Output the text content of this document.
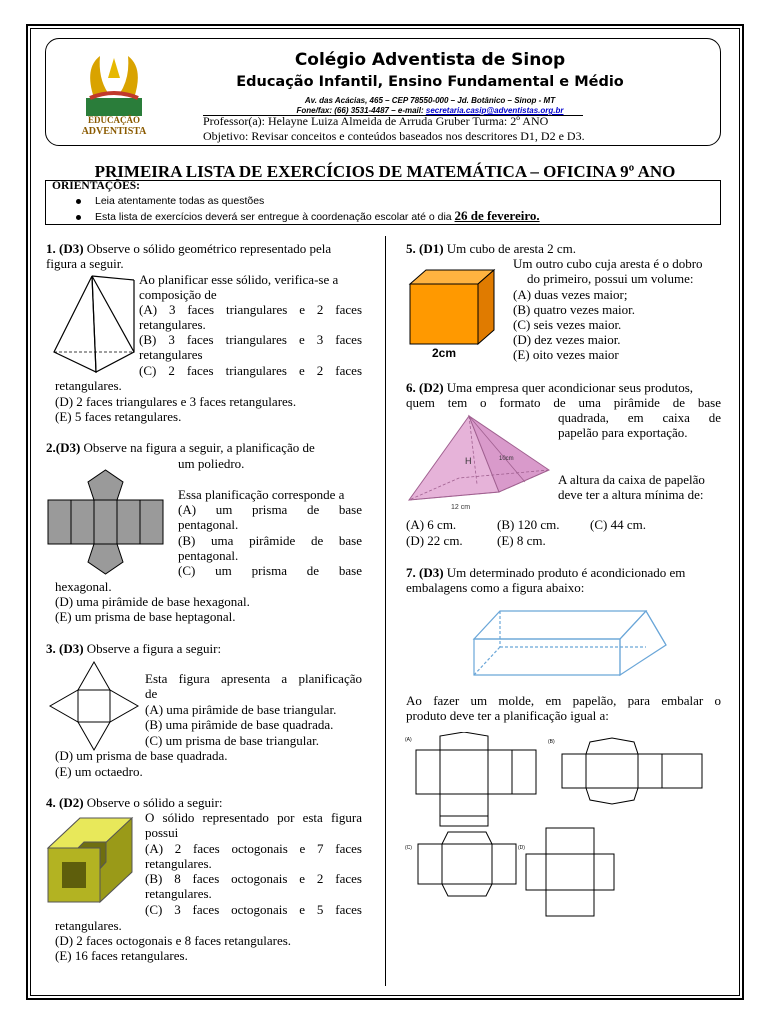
EDUCAÇÃO
ADVENTISTA
Colégio Adventista de Sinop
Educação Infantil, Ensino Fundamental e Médio
Av. das Acácias, 465 – CEP 78550-000 – Jd. Botânico – Sinop - MT
Fone/fax: (66) 3531-4487 – e-mail: secretaria.casip@adventistas.org.br
Professor(a): Helayne Luiza Almeida de Arruda Gruber Turma: 2º ANO
Objetivo: Revisar conceitos e conteúdos baseados nos descritores D1, D2 e D3.
PRIMEIRA LISTA DE EXERCÍCIOS DE MATEMÁTICA – OFICINA 9º ANO
ORIENTAÇÕES:
Leia atentamente todas as questões
Esta lista de exercícios deverá ser entregue à coordenação escolar até o dia 26 de fevereiro.
1. (D3) Observe o sólido geométrico representado pela
figura a seguir.
Ao planificar esse sólido, verifica-se a
composição de
(A) 3 faces triangulares e 2 faces
retangulares.
(B) 3 faces triangulares e 3 faces
retangulares
(C) 2 faces triangulares e 2 faces
retangulares.
(D) 2 faces triangulares e 3 faces retangulares.
(E) 5 faces retangulares.
2.(D3) Observe na figura a seguir, a planificação de
um poliedro.
Essa planificação corresponde a
(A) um prisma de base
pentagonal.
(B) uma pirâmide de base
pentagonal.
(C) um prisma de base
hexagonal.
(D) uma pirâmide de base hexagonal.
(E) um prisma de base heptagonal.
3. (D3) Observe a figura a seguir:
Esta figura apresenta a planificação
de
(A) uma pirâmide de base triangular.
(B) uma pirâmide de base quadrada.
(C) um prisma de base triangular.
(D) um prisma de base quadrada.
(E) um octaedro.
4. (D2) Observe o sólido a seguir:
O sólido representado por esta figura
possui
(A) 2 faces octogonais e 7 faces
retangulares.
(B) 8 faces octogonais e 2 faces
retangulares.
(C) 3 faces octogonais e 5 faces
retangulares.
(D) 2 faces octogonais e 8 faces retangulares.
(E) 16 faces retangulares.
5. (D1) Um cubo de aresta 2 cm.
Um outro cubo cuja aresta é o dobro
do primeiro, possui um volume:
2cm
(A) duas vezes maior;
(B) quatro vezes maior.
(C) seis vezes maior.
(D) dez vezes maior.
(E) oito vezes maior
6. (D2) Uma empresa quer acondicionar seus produtos,
quem tem o formato de uma pirâmide de base
quadrada, em caixa de
papelão para exportação.
H	10cm
12 cm
A altura da caixa de papelão
deve ter a altura mínima de:
(A) 6 cm.	(B) 120 cm. (C) 44 cm.
(D) 22 cm.	(E) 8 cm.
7. (D3) Um determinado produto é acondicionado em
embalagens como a figura abaixo:
Ao fazer um molde, em papelão, para embalar o
produto deve ter a planificação igual a:
(A)	(B)
(C)	(D)
